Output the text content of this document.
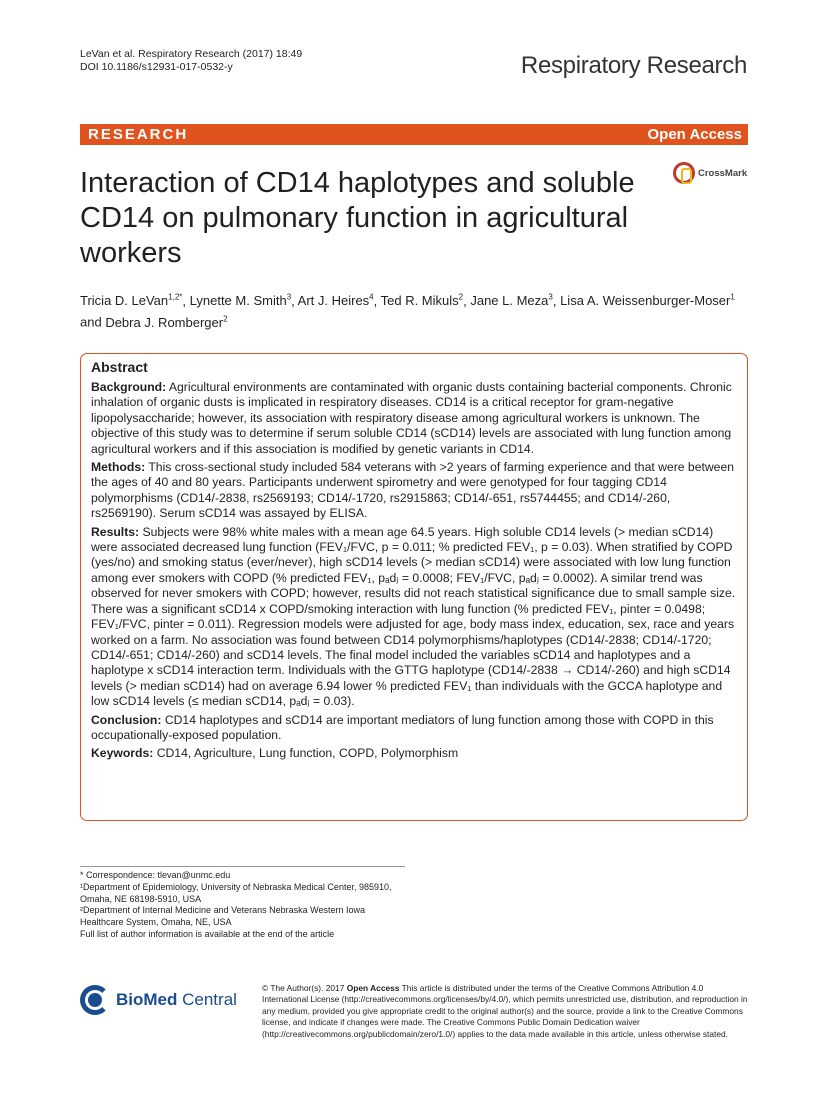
LeVan et al. Respiratory Research (2017) 18:49
DOI 10.1186/s12931-017-0532-y	Respiratory Research
RESEARCH	Open Access
Interaction of CD14 haplotypes and soluble CD14 on pulmonary function in agricultural workers
CrossMark
Tricia D. LeVan$^{1,2*}$, Lynette M. Smith$^3$, Art J. Heires$^4$, Ted R. Mikuls$^2$, Jane L. Meza$^3$, Lisa A. Weissenburger-Moser$^1$
and Debra J. Romberger$^2$

Abstract

Background: Agricultural environments are contaminated with organic dusts containing bacterial components. Chronic inhalation of organic dusts is implicated in respiratory diseases. CD14 is a critical receptor for gram-negative lipopolysaccharide; however, its association with respiratory disease among agricultural workers is unknown. The objective of this study was to determine if serum soluble CD14 (sCD14) levels are associated with lung function among agricultural workers and if this association is modified by genetic variants in CD14.

Methods: This cross-sectional study included 584 veterans with >2 years of farming experience and that were between the ages of 40 and 80 years. Participants underwent spirometry and were genotyped for four tagging CD14 polymorphisms (CD14/-2838, rs2569193; CD14/-1720, rs2915863; CD14/-651, rs5744455; and CD14/-260, rs2569190). Serum sCD14 was assayed by ELISA.

Results: Subjects were 98% white males with a mean age 64.5 years. High soluble CD14 levels (> median sCD14) were associated decreased lung function (FEV₁/FVC, p = 0.011; % predicted FEV₁, p = 0.03). When stratified by COPD (yes/no) and smoking status (ever/never), high sCD14 levels (> median sCD14) were associated with low lung function among ever smokers with COPD (% predicted FEV₁, pₐdⱼ = 0.0008; FEV₁/FVC, pₐdⱼ = 0.0002). A similar trend was observed for never smokers with COPD; however, results did not reach statistical significance due to small sample size. There was a significant sCD14 x COPD/smoking interaction with lung function (% predicted FEV₁, pinter = 0.0498; FEV₁/FVC, pinter = 0.011). Regression models were adjusted for age, body mass index, education, sex, race and years worked on a farm. No association was found between CD14 polymorphisms/haplotypes (CD14/-2838; CD14/-1720; CD14/-651; CD14/-260) and sCD14 levels. The final model included the variables sCD14 and haplotypes and a haplotype x sCD14 interaction term. Individuals with the GTTG haplotype (CD14/-2838 → CD14/-260) and high sCD14 levels (> median sCD14) had on average 6.94 lower % predicted FEV₁ than individuals with the GCCA haplotype and low sCD14 levels (≤ median sCD14, pₐdⱼ = 0.03).

Conclusion: CD14 haplotypes and sCD14 are important mediators of lung function among those with COPD in this occupationally-exposed population.

Keywords: CD14, Agriculture, Lung function, COPD, Polymorphism

* Correspondence: tlevan@unmc.edu

¹Department of Epidemiology, University of Nebraska Medical Center, 985910, Omaha, NE 68198-5910, USA

²Department of Internal Medicine and Veterans Nebraska Western Iowa Healthcare System, Omaha, NE, USA

Full list of author information is available at the end of the article

BioMed Central
© The Author(s). 2017 Open Access This article is distributed under the terms of the Creative Commons Attribution 4.0 International License (http://creativecommons.org/licenses/by/4.0/), which permits unrestricted use, distribution, and reproduction in any medium, provided you give appropriate credit to the original author(s) and the source, provide a link to the Creative Commons license, and indicate if changes were made. The Creative Commons Public Domain Dedication waiver (http://creativecommons.org/publicdomain/zero/1.0/) applies to the data made available in this article, unless otherwise stated.
